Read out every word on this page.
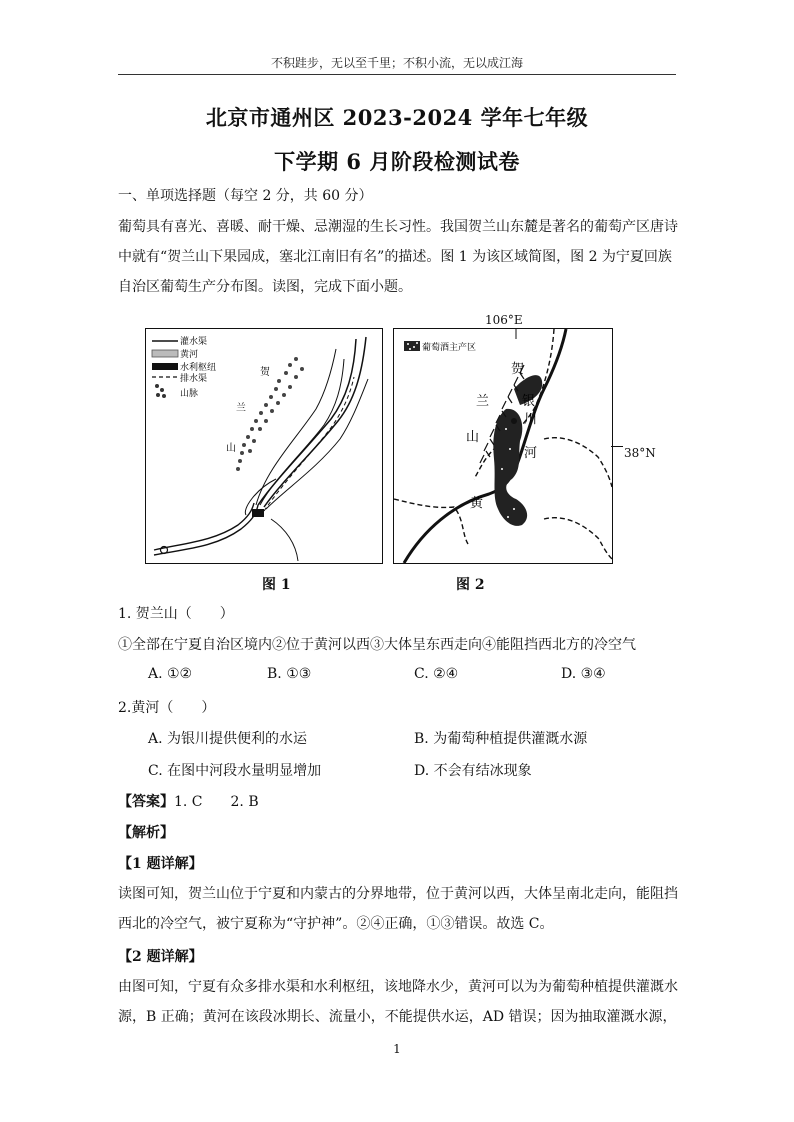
不积跬步，无以至千里；不积小流，无以成江海
北京市通州区 2023-2024 学年七年级
下学期 6 月阶段检测试卷
一、单项选择题（每空 2 分，共 60 分）
葡萄具有喜光、喜暖、耐干燥、忌潮湿的生长习性。我国贺兰山东麓是著名的葡萄产区唐诗中就有“贺兰山下果园成，塞北江南旧有名”的描述。图 1 为该区域简图，图 2 为宁夏回族自治区葡萄生产分布图。读图，完成下面小题。
灌水渠
黄河
水利枢纽
排水渠
山脉
贺
兰
山
106°E
葡萄酒主产区
贺
兰
山
银
川
河
黄
38°N
图 1	图 2
1. 贺兰山（　　）
①全部在宁夏自治区境内②位于黄河以西③大体呈东西走向④能阻挡西北方的冷空气
A. ①②	B. ①③	C. ②④	D. ③④
2.黄河（　　）
A. 为银川提供便利的水运	B. 为葡萄种植提供灌溉水源
C. 在图中河段水量明显增加	D. 不会有结冰现象
【答案】1. C　　2. B
【解析】
【1 题详解】
读图可知，贺兰山位于宁夏和内蒙古的分界地带，位于黄河以西，大体呈南北走向，能阻挡西北的冷空气，被宁夏称为“守护神”。②④正确，①③错误。故选 C。
【2 题详解】
由图可知，宁夏有众多排水渠和水利枢纽，该地降水少，黄河可以为为葡萄种植提供灌溉水源，B 正确；黄河在该段冰期长、流量小，不能提供水运，AD 错误；因为抽取灌溉水源，
1
